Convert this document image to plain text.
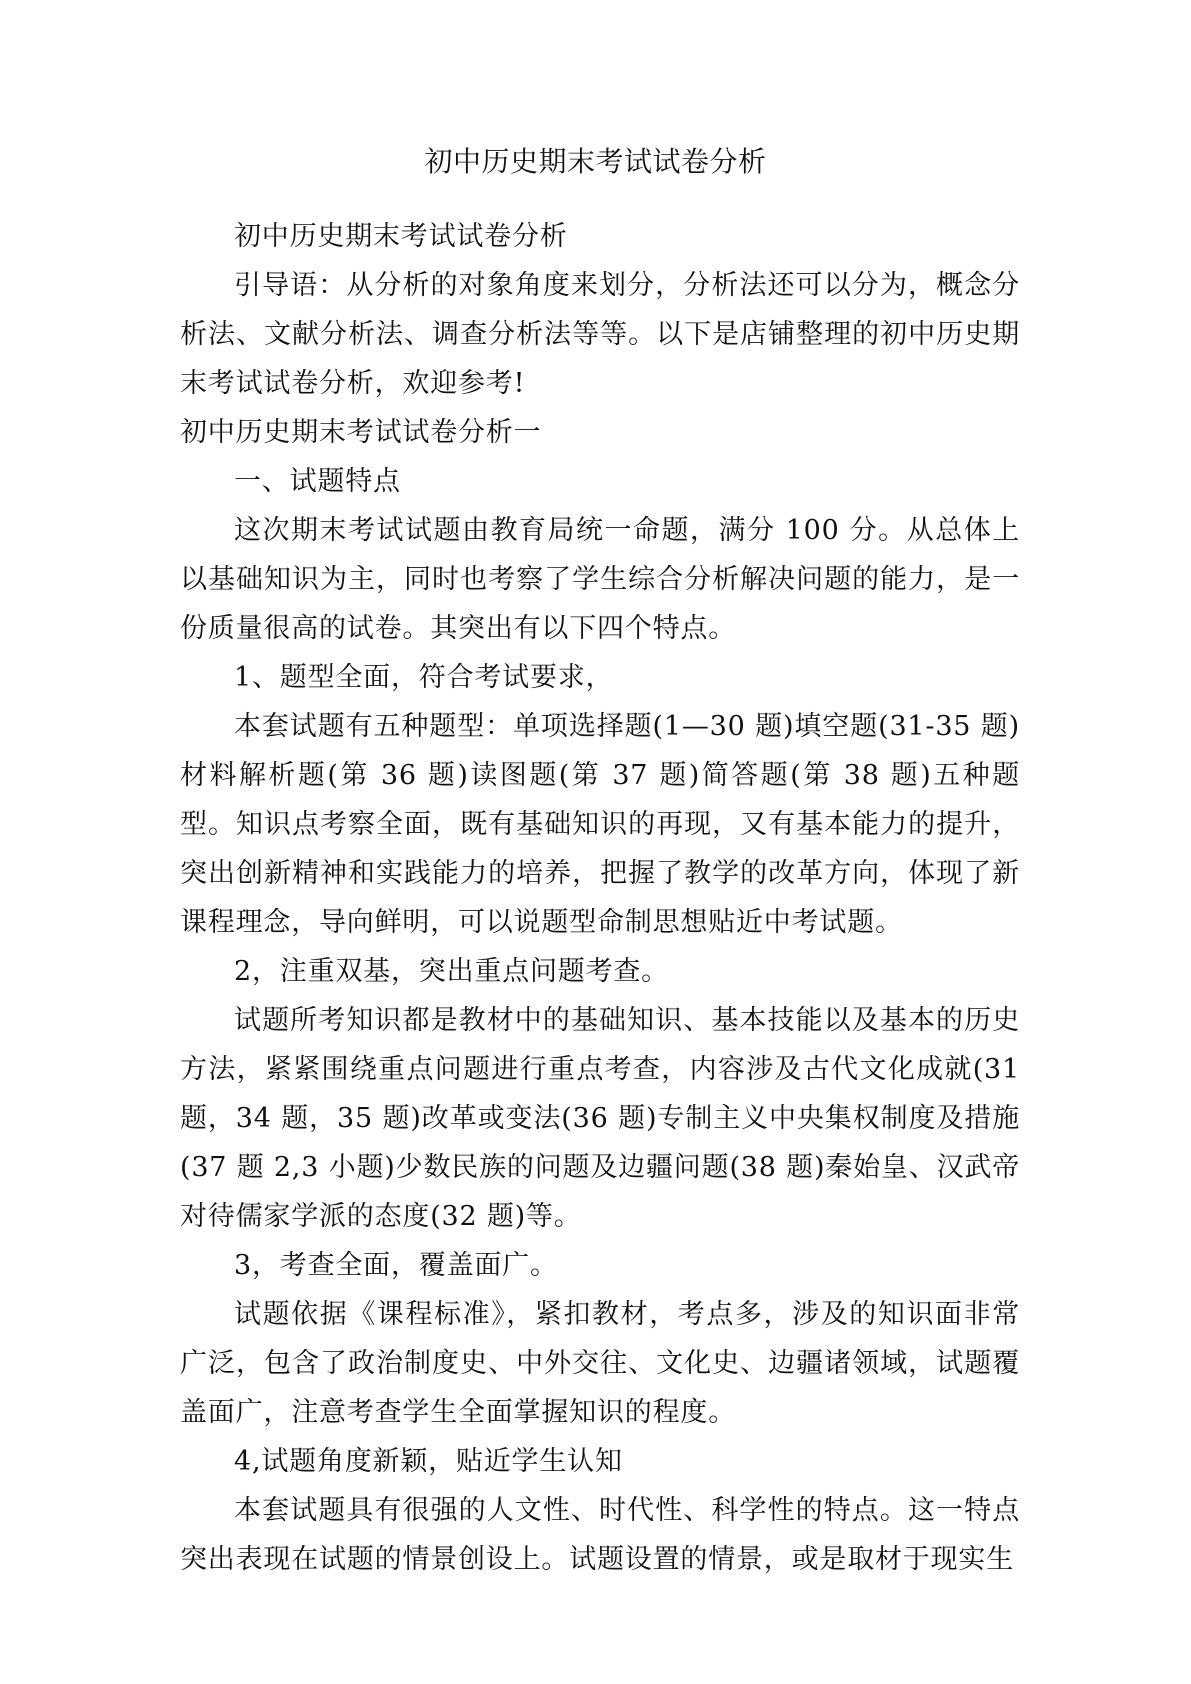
初中历史期末考试试卷分析

初中历史期末考试试卷分析

引导语：从分析的对象角度来划分，分析法还可以分为，概念分析法、文献分析法、调查分析法等等。以下是店铺整理的初中历史期末考试试卷分析，欢迎参考!

初中历史期末考试试卷分析一

一、试题特点

这次期末考试试题由教育局统一命题，满分 100 分。从总体上以基础知识为主，同时也考察了学生综合分析解决问题的能力，是一份质量很高的试卷。其突出有以下四个特点。

1、题型全面，符合考试要求，

本套试题有五种题型：单项选择题(1—30 题)填空题(31-35 题)材料解析题(第 36 题)读图题(第 37 题)简答题(第 38 题)五种题型。知识点考察全面，既有基础知识的再现，又有基本能力的提升，突出创新精神和实践能力的培养，把握了教学的改革方向，体现了新课程理念，导向鲜明，可以说题型命制思想贴近中考试题。

2，注重双基，突出重点问题考查。

试题所考知识都是教材中的基础知识、基本技能以及基本的历史方法，紧紧围绕重点问题进行重点考查，内容涉及古代文化成就(31 题，34 题，35 题)改革或变法(36 题)专制主义中央集权制度及措施(37 题 2,3 小题)少数民族的问题及边疆问题(38 题)秦始皇、汉武帝对待儒家学派的态度(32 题)等。

3，考查全面，覆盖面广。

试题依据《课程标准》，紧扣教材，考点多，涉及的知识面非常广泛，包含了政治制度史、中外交往、文化史、边疆诸领域，试题覆盖面广，注意考查学生全面掌握知识的程度。

4,试题角度新颖，贴近学生认知

本套试题具有很强的人文性、时代性、科学性的特点。这一特点突出表现在试题的情景创设上。试题设置的情景，或是取材于现实生
